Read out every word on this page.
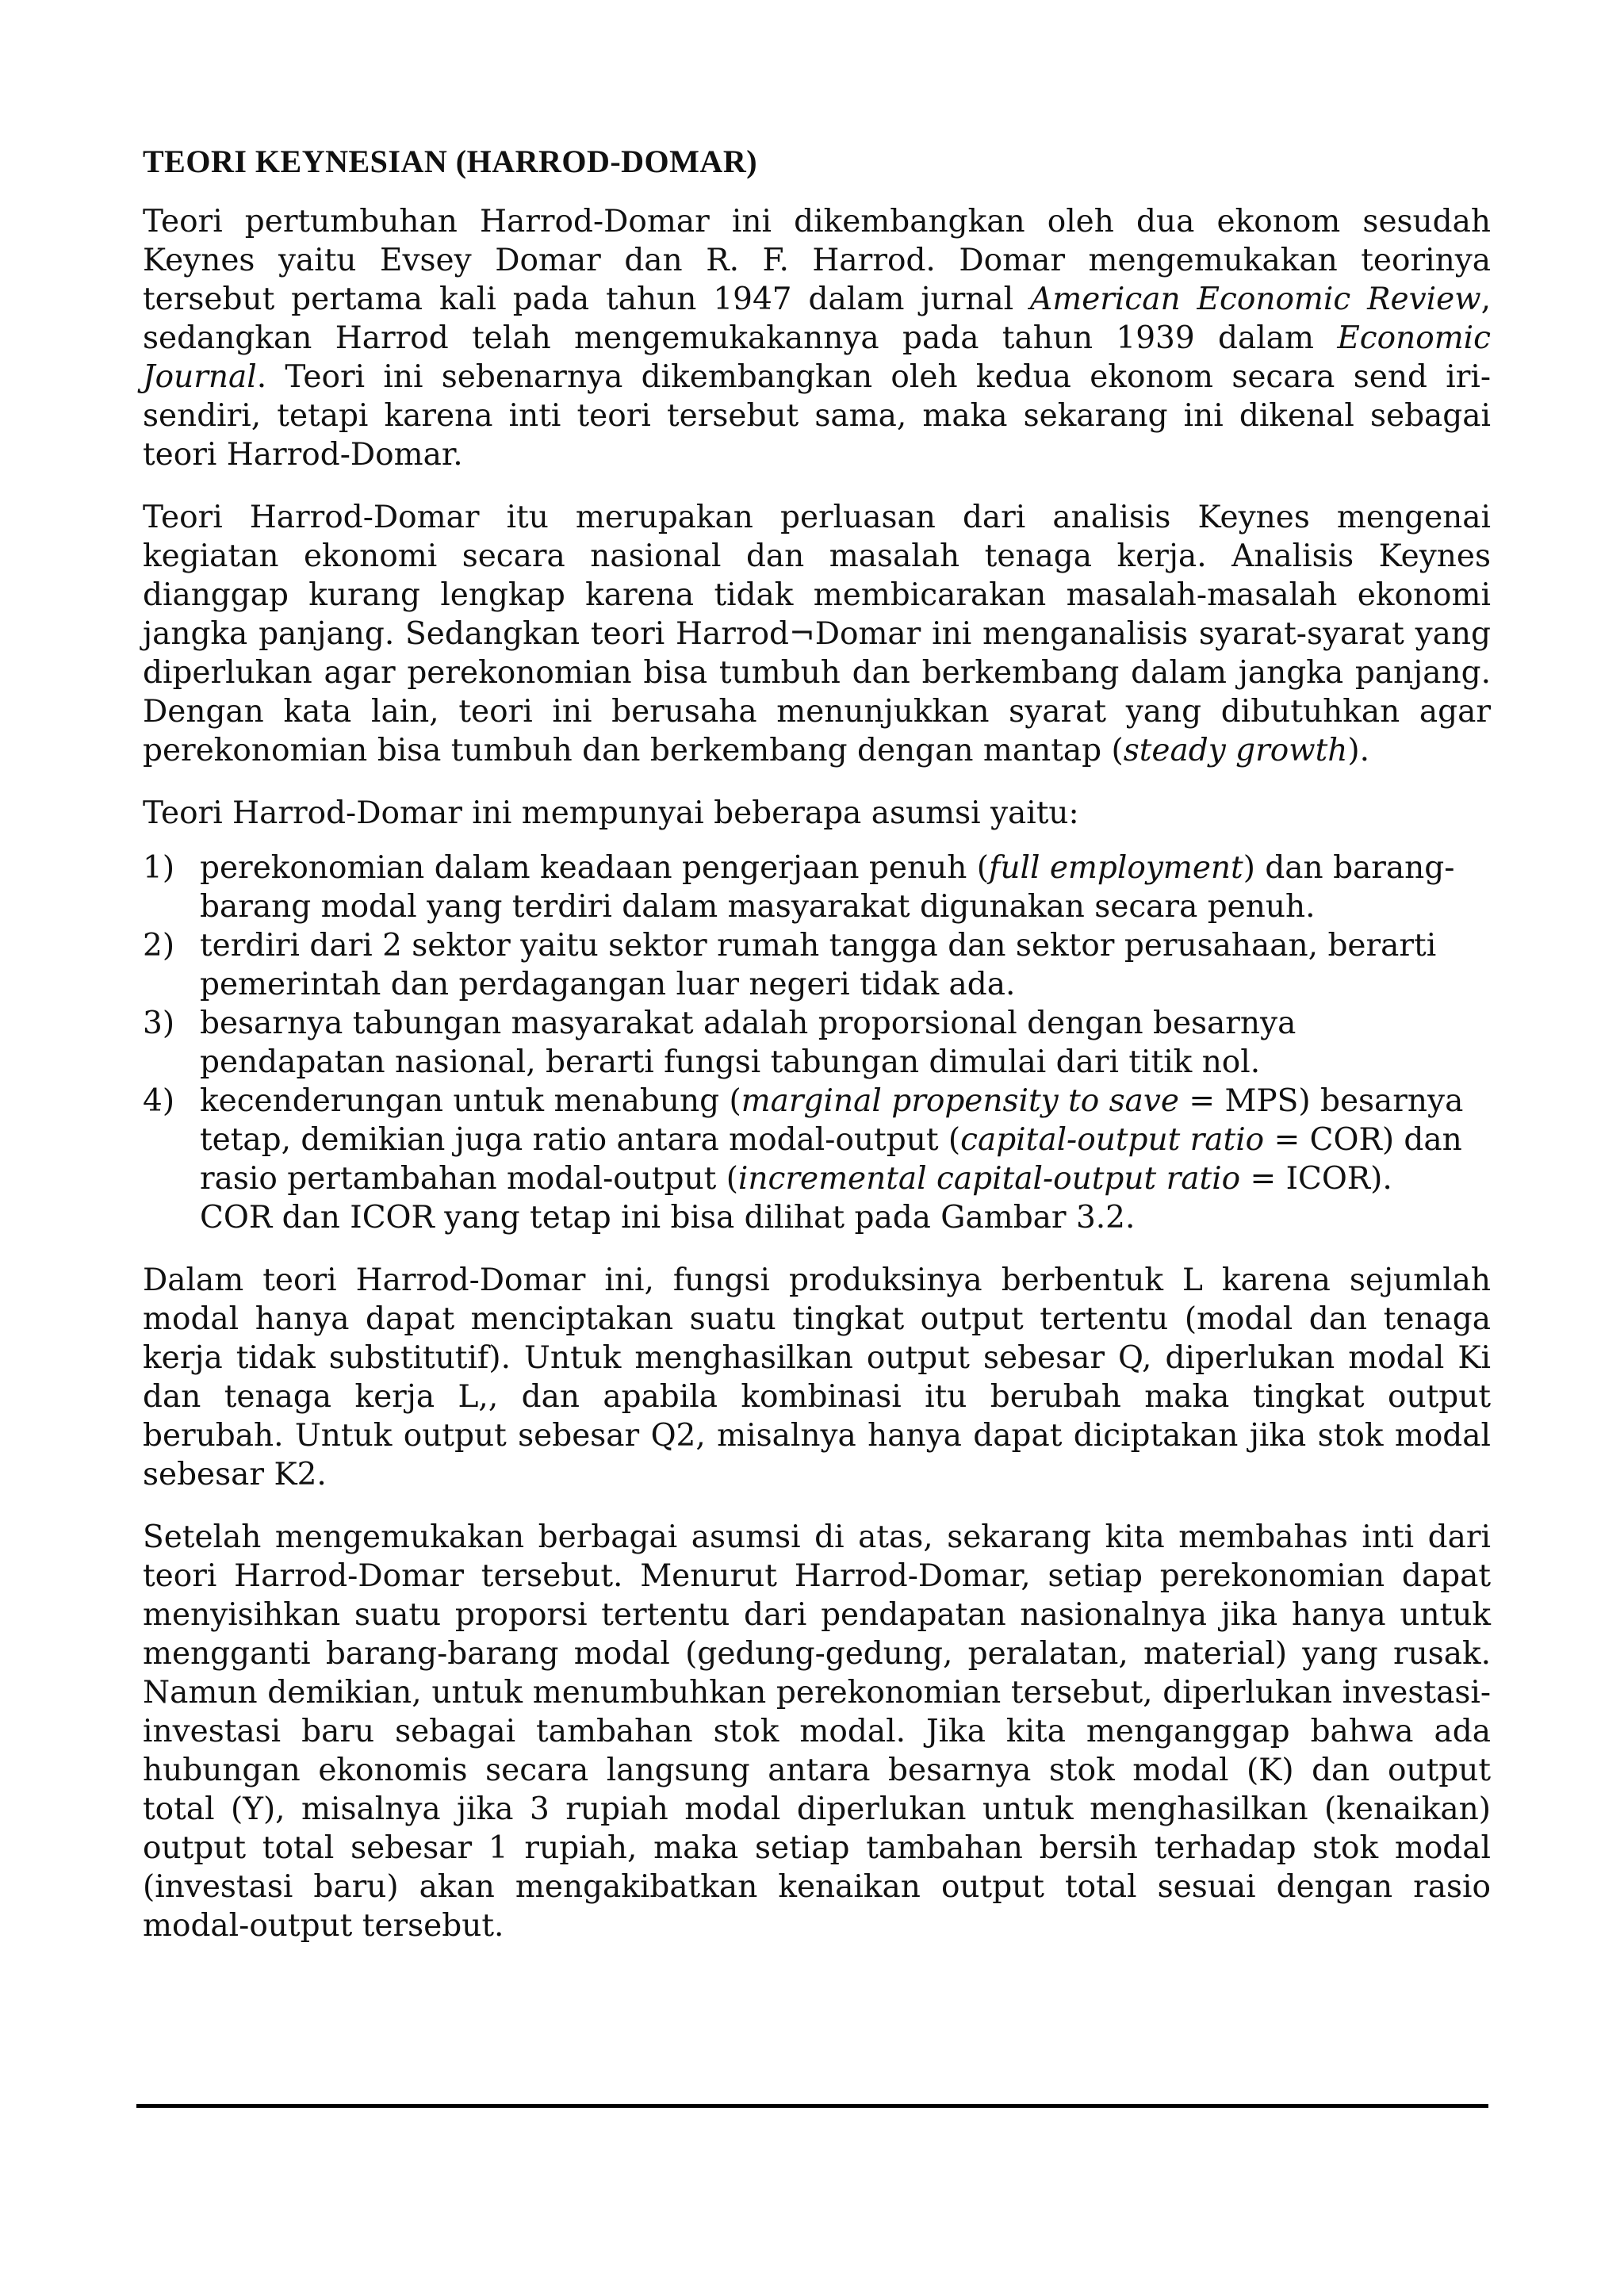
TEORI KEYNESIAN (HARROD-DOMAR)

Teori pertumbuhan Harrod-Domar ini dikembangkan oleh dua ekonom sesudah Keynes yaitu Evsey Domar dan R. F. Harrod. Domar mengemukakan teorinya tersebut pertama kali pada tahun 1947 dalam jurnal American Economic Review, sedangkan Harrod telah mengemukakannya pada tahun 1939 dalam Economic Journal. Teori ini sebenarnya dikembangkan oleh kedua ekonom secara send iri-sendiri, tetapi karena inti teori tersebut sama, maka sekarang ini dikenal sebagai teori Harrod-Domar.

Teori Harrod-Domar itu merupakan perluasan dari analisis Keynes mengenai kegiatan ekonomi secara nasional dan masalah tenaga kerja. Analisis Keynes dianggap kurang lengkap karena tidak membicarakan masalah-masalah ekonomi jangka panjang. Sedangkan teori Harrod¬Domar ini menganalisis syarat-syarat yang diperlukan agar perekonomian bisa tumbuh dan berkembang dalam jangka panjang. Dengan kata lain, teori ini berusaha menunjukkan syarat yang dibutuhkan agar perekonomian bisa tumbuh dan berkembang dengan mantap (steady growth).

Teori Harrod-Domar ini mempunyai beberapa asumsi yaitu:

1) perekonomian dalam keadaan pengerjaan penuh (full employment) dan barang- barang modal yang terdiri dalam masyarakat digunakan secara penuh.
2) terdiri dari 2 sektor yaitu sektor rumah tangga dan sektor perusahaan, berarti pemerintah dan perdagangan luar negeri tidak ada.
3) besarnya tabungan masyarakat adalah proporsional dengan besarnya pendapatan nasional, berarti fungsi tabungan dimulai dari titik nol.
4) kecenderungan untuk menabung (marginal propensity to save = MPS) besarnya tetap, demikian juga ratio antara modal-output (capital-output ratio = COR) dan rasio pertambahan modal-output (incremental capital-output ratio = ICOR). COR dan ICOR yang tetap ini bisa dilihat pada Gambar 3.2.

Dalam teori Harrod-Domar ini, fungsi produksinya berbentuk L karena sejumlah modal hanya dapat menciptakan suatu tingkat output tertentu (modal dan tenaga kerja tidak substitutif). Untuk menghasilkan output sebesar Q, diperlukan modal Ki dan tenaga kerja L,, dan apabila kombinasi itu berubah maka tingkat output berubah. Untuk output sebesar Q2, misalnya hanya dapat diciptakan jika stok modal sebesar K2.

Setelah mengemukakan berbagai asumsi di atas, sekarang kita membahas inti dari teori Harrod-Domar tersebut. Menurut Harrod-Domar, setiap perekonomian dapat menyisihkan suatu proporsi tertentu dari pendapatan nasionalnya jika hanya untuk mengganti barang-barang modal (gedung-gedung, peralatan, material) yang rusak. Namun demikian, untuk menumbuhkan perekonomian tersebut, diperlukan investasi-investasi baru sebagai tambahan stok modal. Jika kita menganggap bahwa ada hubungan ekonomis secara langsung antara besarnya stok modal (K) dan output total (Y), misalnya jika 3 rupiah modal diperlukan untuk menghasilkan (kenaikan) output total sebesar 1 rupiah, maka setiap tambahan bersih terhadap stok modal (investasi baru) akan mengakibatkan kenaikan output total sesuai dengan rasio modal-output tersebut.
